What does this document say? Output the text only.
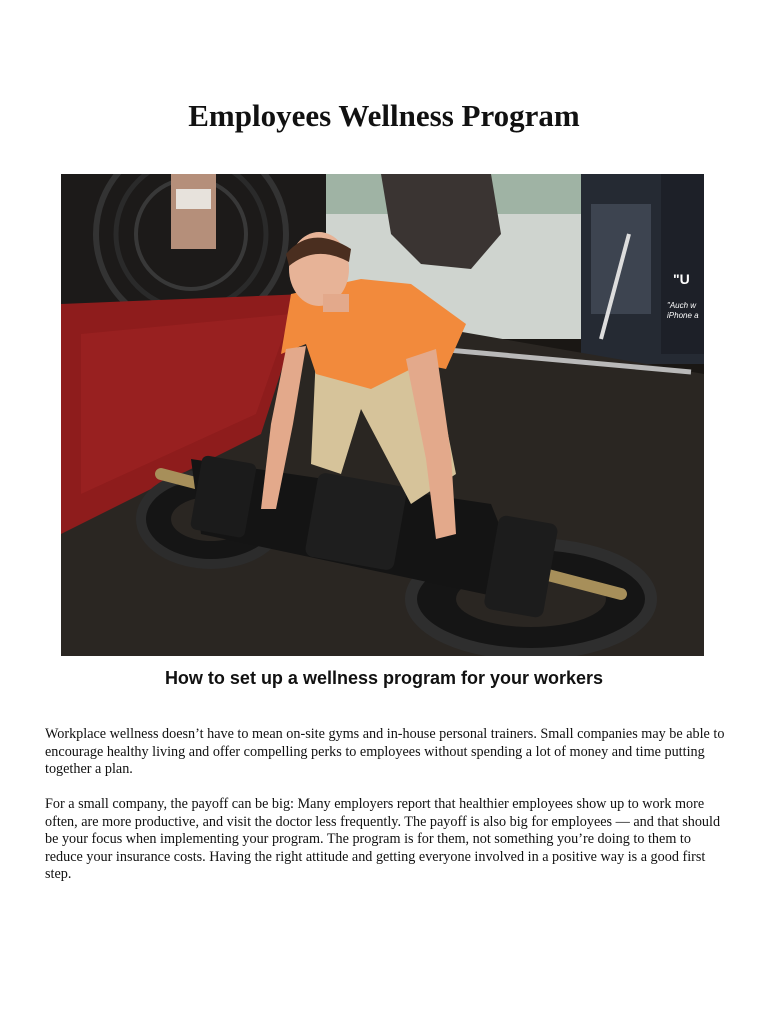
Employees Wellness Program
"U
"Auch w
iPhone a
How to set up a wellness program for your workers

Workplace wellness doesn’t have to mean on-site gyms and in-house personal trainers. Small companies may be able to encourage healthy living and offer compelling perks to employees without spending a lot of money and time putting together a plan.

For a small company, the payoff can be big: Many employers report that healthier employees show up to work more often, are more productive, and visit the doctor less frequently. The payoff is also big for employees — and that should be your focus when implementing your program. The program is for them, not something you’re doing to them to reduce your insurance costs. Having the right attitude and getting everyone involved in a positive way is a good first step.
